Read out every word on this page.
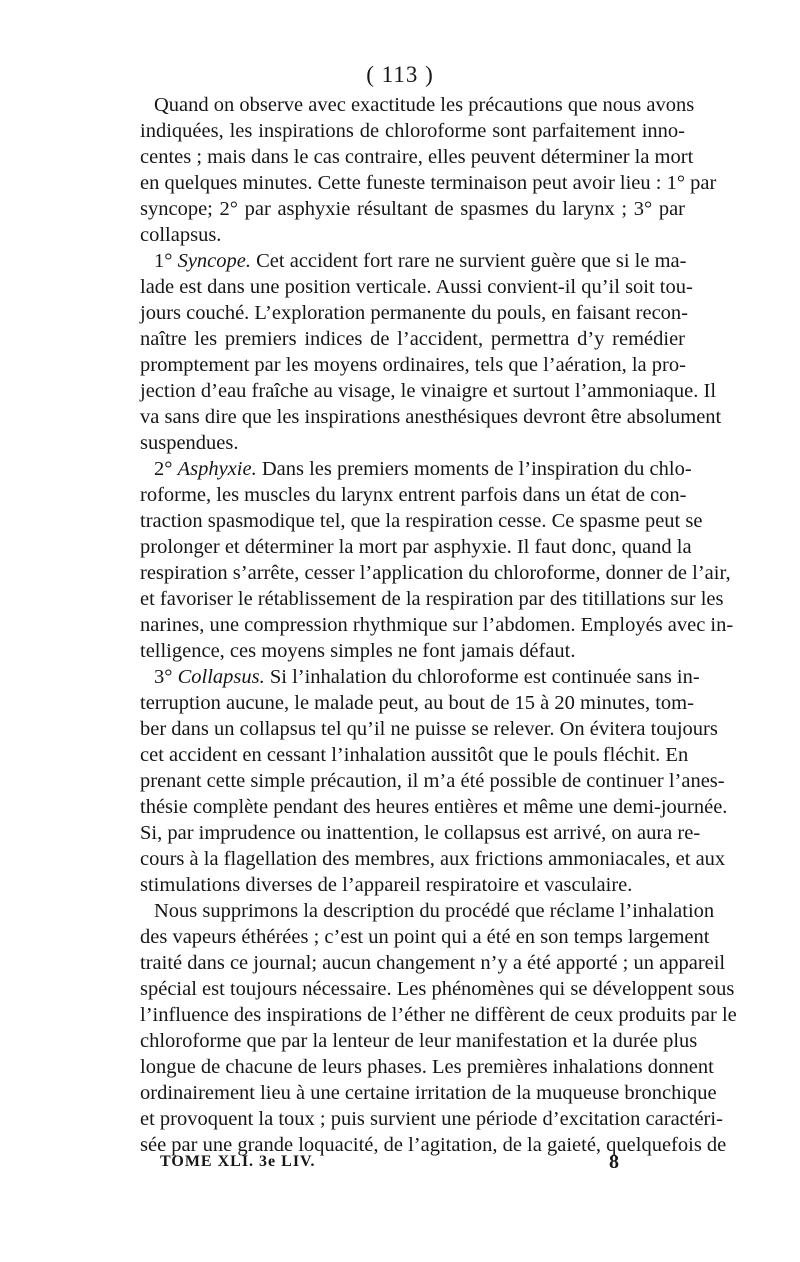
( 113 )
Quand on observe avec exactitude les précautions que nous avons
indiquées, les inspirations de chloroforme sont parfaitement inno-
centes ; mais dans le cas contraire, elles peuvent déterminer la mort
en quelques minutes. Cette funeste terminaison peut avoir lieu : 1° par
syncope; 2° par asphyxie résultant de spasmes du larynx ; 3° par
collapsus.
1° Syncope. Cet accident fort rare ne survient guère que si le ma-
lade est dans une position verticale. Aussi convient-il qu’il soit tou-
jours couché. L’exploration permanente du pouls, en faisant recon-
naître les premiers indices de l’accident, permettra d’y remédier
promptement par les moyens ordinaires, tels que l’aération, la pro-
jection d’eau fraîche au visage, le vinaigre et surtout l’ammoniaque. Il
va sans dire que les inspirations anesthésiques devront être absolument
suspendues.
2° Asphyxie. Dans les premiers moments de l’inspiration du chlo-
roforme, les muscles du larynx entrent parfois dans un état de con-
traction spasmodique tel, que la respiration cesse. Ce spasme peut se
prolonger et déterminer la mort par asphyxie. Il faut donc, quand la
respiration s’arrête, cesser l’application du chloroforme, donner de l’air,
et favoriser le rétablissement de la respiration par des titillations sur les
narines, une compression rhythmique sur l’abdomen. Employés avec in-
telligence, ces moyens simples ne font jamais défaut.
3° Collapsus. Si l’inhalation du chloroforme est continuée sans in-
terruption aucune, le malade peut, au bout de 15 à 20 minutes, tom-
ber dans un collapsus tel qu’il ne puisse se relever. On évitera toujours
cet accident en cessant l’inhalation aussitôt que le pouls fléchit. En
prenant cette simple précaution, il m’a été possible de continuer l’anes-
thésie complète pendant des heures entières et même une demi-journée.
Si, par imprudence ou inattention, le collapsus est arrivé, on aura re-
cours à la flagellation des membres, aux frictions ammoniacales, et aux
stimulations diverses de l’appareil respiratoire et vasculaire.
Nous supprimons la description du procédé que réclame l’inhalation
des vapeurs éthérées ; c’est un point qui a été en son temps largement
traité dans ce journal; aucun changement n’y a été apporté ; un appareil
spécial est toujours nécessaire. Les phénomènes qui se développent sous
l’influence des inspirations de l’éther ne diffèrent de ceux produits par le
chloroforme que par la lenteur de leur manifestation et la durée plus
longue de chacune de leurs phases. Les premières inhalations donnent
ordinairement lieu à une certaine irritation de la muqueuse bronchique
et provoquent la toux ; puis survient une période d’excitation caractéri-
sée par une grande loquacité, de l’agitation, de la gaieté, quelquefois de
TOME XLI. 3e LIV.	8
